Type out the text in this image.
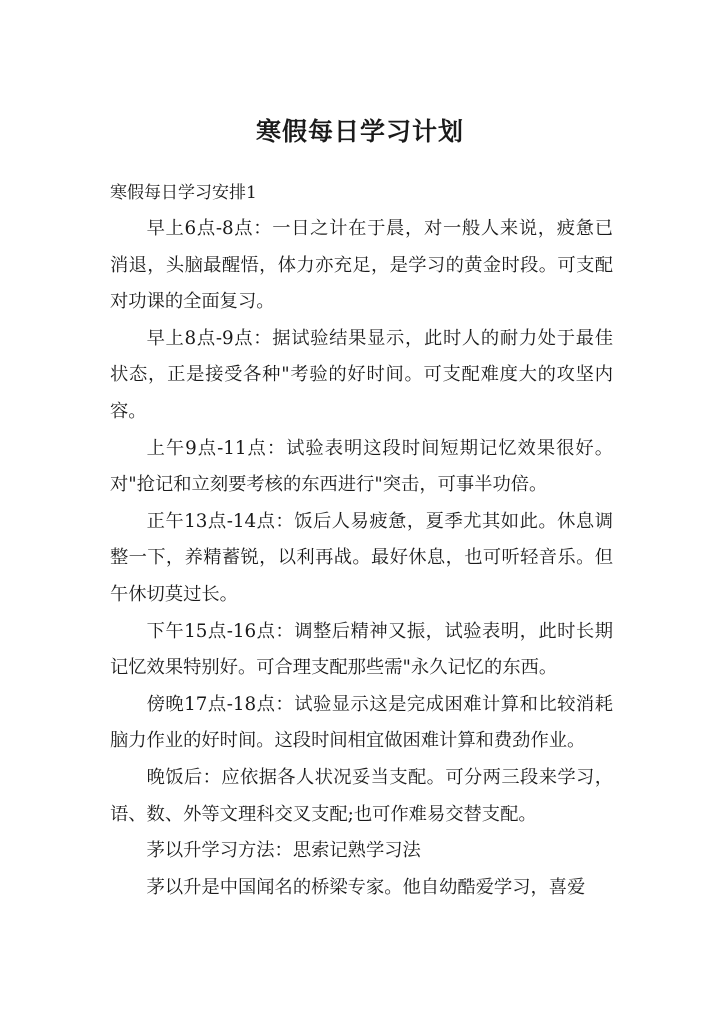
寒假每日学习计划
寒假每日学习安排1

早上6点-8点：一日之计在于晨，对一般人来说，疲惫已消退，头脑最醒悟，体力亦充足，是学习的黄金时段。可支配对功课的全面复习。

早上8点-9点：据试验结果显示，此时人的耐力处于最佳状态，正是接受各种"考验的好时间。可支配难度大的攻坚内容。

上午9点-11点：试验表明这段时间短期记忆效果很好。对"抢记和立刻要考核的东西进行"突击，可事半功倍。

正午13点-14点：饭后人易疲惫，夏季尤其如此。休息调整一下，养精蓄锐，以利再战。最好休息，也可听轻音乐。但午休切莫过长。

下午15点-16点：调整后精神又振，试验表明，此时长期记忆效果特别好。可合理支配那些需"永久记忆的东西。

傍晚17点-18点：试验显示这是完成困难计算和比较消耗脑力作业的好时间。这段时间相宜做困难计算和费劲作业。

晚饭后：应依据各人状况妥当支配。可分两三段来学习，语、数、外等文理科交叉支配;也可作难易交替支配。

茅以升学习方法：思索记熟学习法

茅以升是中国闻名的桥梁专家。他自幼酷爱学习，喜爱
